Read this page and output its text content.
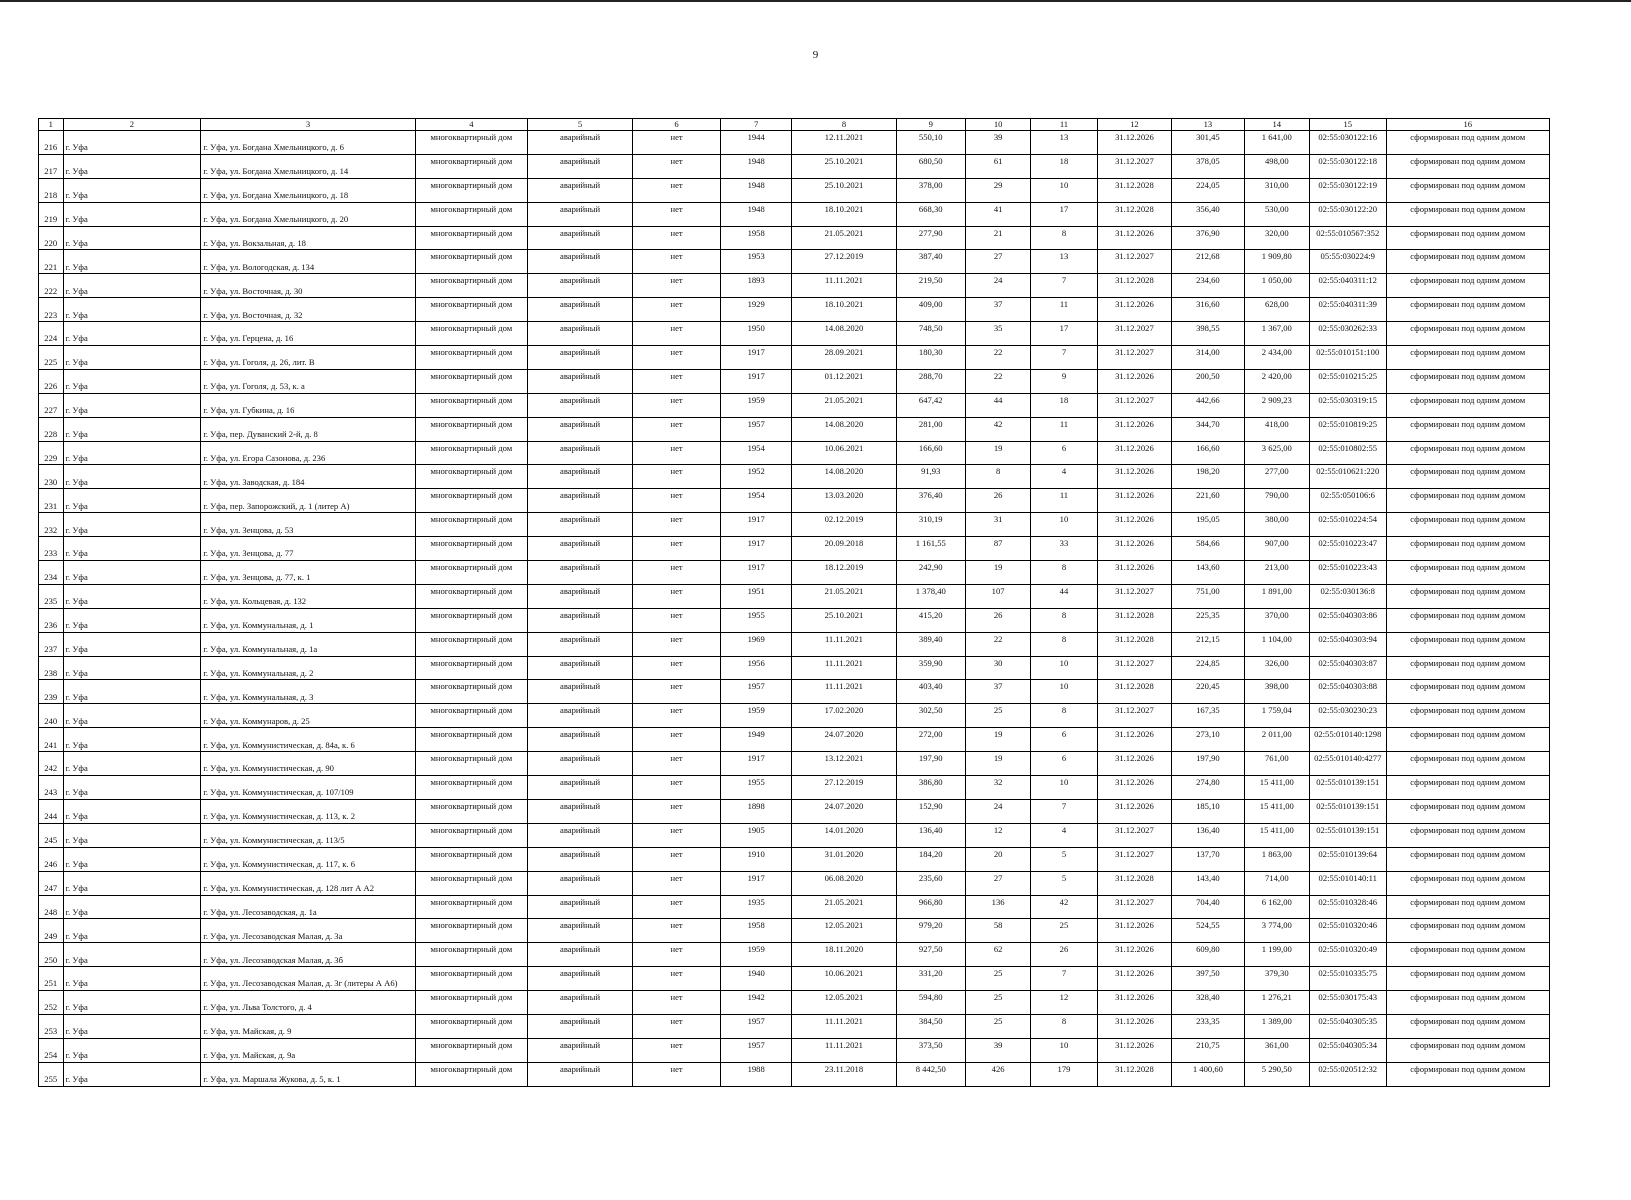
9
1	2	3	4	5	6	7	8	9	10	11	12	13	14	15	16
216	г. Уфа	г. Уфа, ул. Богдана Хмельницкого, д. 6	многоквартирный дом	аварийный	нет	1944	12.11.2021	550,10	39	13	31.12.2026	301,45	1 641,00	02:55:030122:16	сформирован под одним домом
217	г. Уфа	г. Уфа, ул. Богдана Хмельницкого, д. 14	многоквартирный дом	аварийный	нет	1948	25.10.2021	680,50	61	18	31.12.2027	378,05	498,00	02:55:030122:18	сформирован под одним домом
218	г. Уфа	г. Уфа, ул. Богдана Хмельницкого, д. 18	многоквартирный дом	аварийный	нет	1948	25.10.2021	378,00	29	10	31.12.2028	224,05	310,00	02:55:030122:19	сформирован под одним домом
219	г. Уфа	г. Уфа, ул. Богдана Хмельницкого, д. 20	многоквартирный дом	аварийный	нет	1948	18.10.2021	668,30	41	17	31.12.2028	356,40	530,00	02:55:030122:20	сформирован под одним домом
220	г. Уфа	г. Уфа, ул. Вокзальная, д. 18	многоквартирный дом	аварийный	нет	1958	21.05.2021	277,90	21	8	31.12.2026	376,90	320,00	02:55:010567:352	сформирован под одним домом
221	г. Уфа	г. Уфа, ул. Вологодская, д. 134	многоквартирный дом	аварийный	нет	1953	27.12.2019	387,40	27	13	31.12.2027	212,68	1 909,80	05:55:030224:9	сформирован под одним домом
222	г. Уфа	г. Уфа, ул. Восточная, д. 30	многоквартирный дом	аварийный	нет	1893	11.11.2021	219,50	24	7	31.12.2028	234,60	1 050,00	02:55:040311:12	сформирован под одним домом
223	г. Уфа	г. Уфа, ул. Восточная, д. 32	многоквартирный дом	аварийный	нет	1929	18.10.2021	409,00	37	11	31.12.2026	316,60	628,00	02:55:040311:39	сформирован под одним домом
224	г. Уфа	г. Уфа, ул. Герцена, д. 16	многоквартирный дом	аварийный	нет	1950	14.08.2020	748,50	35	17	31.12.2027	398,55	1 367,00	02:55:030262:33	сформирован под одним домом
225	г. Уфа	г. Уфа, ул. Гоголя, д. 26, лит. В	многоквартирный дом	аварийный	нет	1917	28.09.2021	180,30	22	7	31.12.2027	314,00	2 434,00	02:55:010151:100	сформирован под одним домом
226	г. Уфа	г. Уфа, ул. Гоголя, д. 53, к. а	многоквартирный дом	аварийный	нет	1917	01.12.2021	288,70	22	9	31.12.2026	200,50	2 420,00	02:55:010215:25	сформирован под одним домом
227	г. Уфа	г. Уфа, ул. Губкина, д. 16	многоквартирный дом	аварийный	нет	1959	21.05.2021	647,42	44	18	31.12.2027	442,66	2 909,23	02:55:030319:15	сформирован под одним домом
228	г. Уфа	г. Уфа, пер. Дуванский 2-й, д. 8	многоквартирный дом	аварийный	нет	1957	14.08.2020	281,00	42	11	31.12.2026	344,70	418,00	02:55:010819:25	сформирован под одним домом
229	г. Уфа	г. Уфа, ул. Егора Сазонова, д. 236	многоквартирный дом	аварийный	нет	1954	10.06.2021	166,60	19	6	31.12.2026	166,60	3 625,00	02:55:010802:55	сформирован под одним домом
230	г. Уфа	г. Уфа, ул. Заводская, д. 184	многоквартирный дом	аварийный	нет	1952	14.08.2020	91,93	8	4	31.12.2026	198,20	277,00	02:55:010621:220	сформирован под одним домом
231	г. Уфа	г. Уфа, пер. Запорожский, д. 1 (литер А)	многоквартирный дом	аварийный	нет	1954	13.03.2020	376,40	26	11	31.12.2026	221,60	790,00	02:55:050106:6	сформирован под одним домом
232	г. Уфа	г. Уфа, ул. Зенцова, д. 53	многоквартирный дом	аварийный	нет	1917	02.12.2019	310,19	31	10	31.12.2026	195,05	380,00	02:55:010224:54	сформирован под одним домом
233	г. Уфа	г. Уфа, ул. Зенцова, д. 77	многоквартирный дом	аварийный	нет	1917	20.09.2018	1 161,55	87	33	31.12.2026	584,66	907,00	02:55:010223:47	сформирован под одним домом
234	г. Уфа	г. Уфа, ул. Зенцова, д. 77, к. 1	многоквартирный дом	аварийный	нет	1917	18.12.2019	242,90	19	8	31.12.2026	143,60	213,00	02:55:010223:43	сформирован под одним домом
235	г. Уфа	г. Уфа, ул. Кольцевая, д. 132	многоквартирный дом	аварийный	нет	1951	21.05.2021	1 378,40	107	44	31.12.2027	751,00	1 891,00	02:55:030136:8	сформирован под одним домом
236	г. Уфа	г. Уфа, ул. Коммунальная, д. 1	многоквартирный дом	аварийный	нет	1955	25.10.2021	415,20	26	8	31.12.2028	225,35	370,00	02:55:040303:86	сформирован под одним домом
237	г. Уфа	г. Уфа, ул. Коммунальная, д. 1а	многоквартирный дом	аварийный	нет	1969	11.11.2021	389,40	22	8	31.12.2028	212,15	1 104,00	02:55:040303:94	сформирован под одним домом
238	г. Уфа	г. Уфа, ул. Коммунальная, д. 2	многоквартирный дом	аварийный	нет	1956	11.11.2021	359,90	30	10	31.12.2027	224,85	326,00	02:55:040303:87	сформирован под одним домом
239	г. Уфа	г. Уфа, ул. Коммунальная, д. 3	многоквартирный дом	аварийный	нет	1957	11.11.2021	403,40	37	10	31.12.2028	220,45	398,00	02:55:040303:88	сформирован под одним домом
240	г. Уфа	г. Уфа, ул. Коммунаров, д. 25	многоквартирный дом	аварийный	нет	1959	17.02.2020	302,50	25	8	31.12.2027	167,35	1 759,04	02:55:030230:23	сформирован под одним домом
241	г. Уфа	г. Уфа, ул. Коммунистическая, д. 84а, к. 6	многоквартирный дом	аварийный	нет	1949	24.07.2020	272,00	19	6	31.12.2026	273,10	2 011,00	02:55:010140:1298	сформирован под одним домом
242	г. Уфа	г. Уфа, ул. Коммунистическая, д. 90	многоквартирный дом	аварийный	нет	1917	13.12.2021	197,90	19	6	31.12.2026	197,90	761,00	02:55:010140:4277	сформирован под одним домом
243	г. Уфа	г. Уфа, ул. Коммунистическая, д. 107/109	многоквартирный дом	аварийный	нет	1955	27.12.2019	386,80	32	10	31.12.2026	274,80	15 411,00	02:55:010139:151	сформирован под одним домом
244	г. Уфа	г. Уфа, ул. Коммунистическая, д. 113, к. 2	многоквартирный дом	аварийный	нет	1898	24.07.2020	152,90	24	7	31.12.2026	185,10	15 411,00	02:55:010139:151	сформирован под одним домом
245	г. Уфа	г. Уфа, ул. Коммунистическая, д. 113/5	многоквартирный дом	аварийный	нет	1905	14.01.2020	136,40	12	4	31.12.2027	136,40	15 411,00	02:55:010139:151	сформирован под одним домом
246	г. Уфа	г. Уфа, ул. Коммунистическая, д. 117, к. 6	многоквартирный дом	аварийный	нет	1910	31.01.2020	184,20	20	5	31.12.2027	137,70	1 863,00	02:55:010139:64	сформирован под одним домом
247	г. Уфа	г. Уфа, ул. Коммунистическая, д. 128 лит А А2	многоквартирный дом	аварийный	нет	1917	06.08.2020	235,60	27	5	31.12.2028	143,40	714,00	02:55:010140:11	сформирован под одним домом
248	г. Уфа	г. Уфа, ул. Лесозаводская, д. 1а	многоквартирный дом	аварийный	нет	1935	21.05.2021	966,80	136	42	31.12.2027	704,40	6 162,00	02:55:010328:46	сформирован под одним домом
249	г. Уфа	г. Уфа, ул. Лесозаводская Малая, д. 3а	многоквартирный дом	аварийный	нет	1958	12.05.2021	979,20	58	25	31.12.2026	524,55	3 774,00	02:55:010320:46	сформирован под одним домом
250	г. Уфа	г. Уфа, ул. Лесозаводская Малая, д. 3б	многоквартирный дом	аварийный	нет	1959	18.11.2020	927,50	62	26	31.12.2026	609,80	1 199,00	02:55:010320:49	сформирован под одним домом
251	г. Уфа	г. Уфа, ул. Лесозаводская Малая, д. 3г (литеры А А6)	многоквартирный дом	аварийный	нет	1940	10.06.2021	331,20	25	7	31.12.2026	397,50	379,30	02:55:010335:75	сформирован под одним домом
252	г. Уфа	г. Уфа, ул. Льва Толстого, д. 4	многоквартирный дом	аварийный	нет	1942	12.05.2021	594,80	25	12	31.12.2026	328,40	1 276,21	02:55:030175:43	сформирован под одним домом
253	г. Уфа	г. Уфа, ул. Майская, д. 9	многоквартирный дом	аварийный	нет	1957	11.11.2021	384,50	25	8	31.12.2026	233,35	1 389,00	02:55:040305:35	сформирован под одним домом
254	г. Уфа	г. Уфа, ул. Майская, д. 9а	многоквартирный дом	аварийный	нет	1957	11.11.2021	373,50	39	10	31.12.2026	210,75	361,00	02:55:040305:34	сформирован под одним домом
255	г. Уфа	г. Уфа, ул. Маршала Жукова, д. 5, к. 1	многоквартирный дом	аварийный	нет	1988	23.11.2018	8 442,50	426	179	31.12.2028	1 400,60	5 290,50	02:55:020512:32	сформирован под одним домом
